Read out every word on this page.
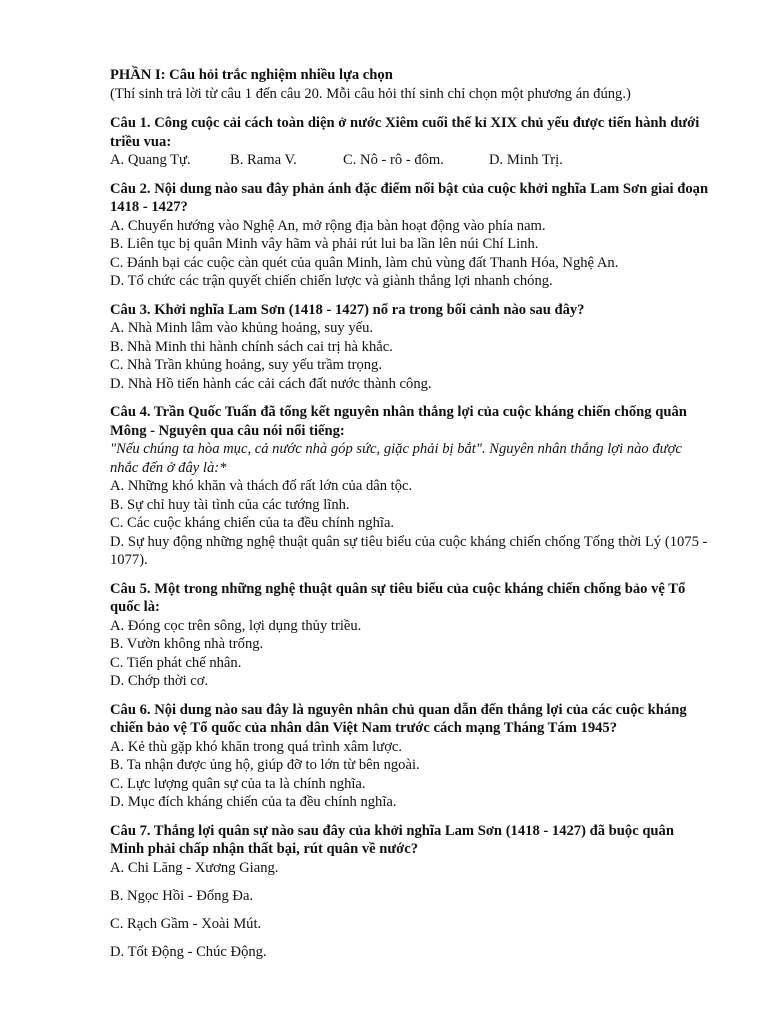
PHẦN I: Câu hỏi trắc nghiệm nhiều lựa chọn
(Thí sinh trả lời từ câu 1 đến câu 20. Mỗi câu hỏi thí sinh chỉ chọn một phương án đúng.)
Câu 1. Công cuộc cải cách toàn diện ở nước Xiêm cuối thế kỉ XIX chủ yếu được tiến hành dưới triều vua:
A. Quang Tự.	B. Rama V.	C. Nô - rô - đôm.	D. Minh Trị.
Câu 2. Nội dung nào sau đây phản ánh đặc điểm nổi bật của cuộc khởi nghĩa Lam Sơn giai đoạn 1418 - 1427?
A. Chuyển hướng vào Nghệ An, mở rộng địa bàn hoạt động vào phía nam.
B. Liên tục bị quân Minh vây hãm và phải rút lui ba lần lên núi Chí Linh.
C. Đánh bại các cuộc càn quét của quân Minh, làm chủ vùng đất Thanh Hóa, Nghệ An.
D. Tổ chức các trận quyết chiến chiến lược và giành thắng lợi nhanh chóng.
Câu 3. Khởi nghĩa Lam Sơn (1418 - 1427) nổ ra trong bối cảnh nào sau đây?
A. Nhà Minh lâm vào khủng hoảng, suy yếu.
B. Nhà Minh thi hành chính sách cai trị hà khắc.
C. Nhà Trần khủng hoảng, suy yếu trầm trọng.
D. Nhà Hồ tiến hành các cải cách đất nước thành công.
Câu 4. Trần Quốc Tuấn đã tổng kết nguyên nhân thắng lợi của cuộc kháng chiến chống quân Mông - Nguyên qua câu nói nổi tiếng:
"Nếu chúng ta hòa mục, cả nước nhà góp sức, giặc phải bị bắt". Nguyên nhân thắng lợi nào được nhắc đến ở đây là:*
A. Những khó khăn và thách đố rất lớn của dân tộc.
B. Sự chỉ huy tài tình của các tướng lĩnh.
C. Các cuộc kháng chiến của ta đều chính nghĩa.
D. Sự huy động những nghệ thuật quân sự tiêu biểu của cuộc kháng chiến chống Tống thời Lý (1075 - 1077).
Câu 5. Một trong những nghệ thuật quân sự tiêu biểu của cuộc kháng chiến chống bảo vệ Tổ quốc là:
A. Đóng cọc trên sông, lợi dụng thủy triều.
B. Vườn không nhà trống.
C. Tiến phát chế nhân.
D. Chớp thời cơ.
Câu 6. Nội dung nào sau đây là nguyên nhân chủ quan dẫn đến thắng lợi của các cuộc kháng chiến bảo vệ Tổ quốc của nhân dân Việt Nam trước cách mạng Tháng Tám 1945?
A. Kẻ thù gặp khó khăn trong quá trình xâm lược.
B. Ta nhận được ủng hộ, giúp đỡ to lớn từ bên ngoài.
C. Lực lượng quân sự của ta là chính nghĩa.
D. Mục đích kháng chiến của ta đều chính nghĩa.
Câu 7. Thắng lợi quân sự nào sau đây của khởi nghĩa Lam Sơn (1418 - 1427) đã buộc quân Minh phải chấp nhận thất bại, rút quân về nước?
A. Chi Lăng - Xương Giang.
B. Ngọc Hồi - Đống Đa.
C. Rạch Gầm - Xoài Mút.
D. Tốt Động - Chúc Động.
